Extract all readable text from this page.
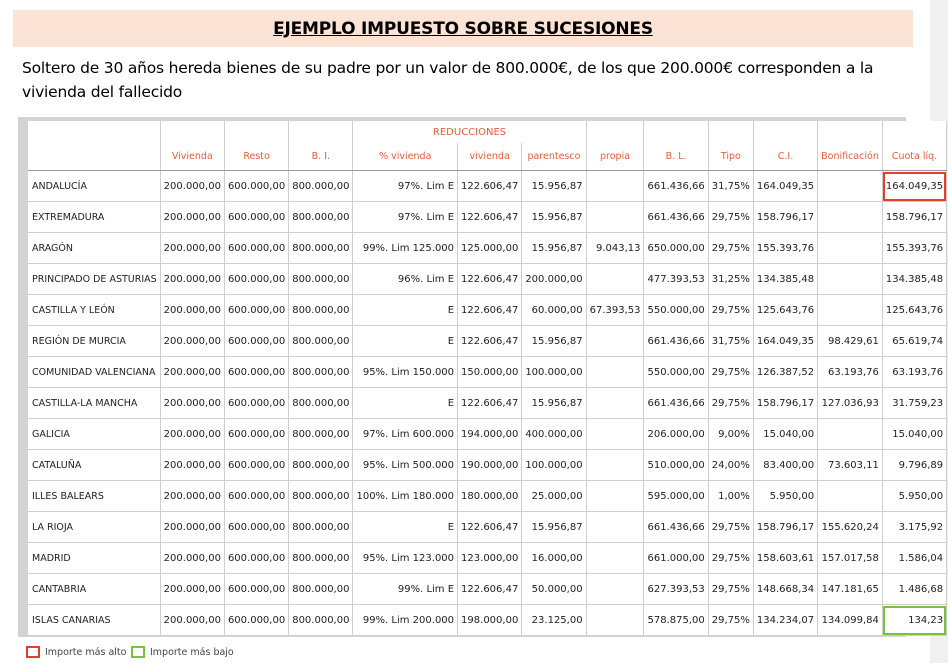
EJEMPLO IMPUESTO SOBRE SUCESIONES
Soltero de 30 años hereda bienes de su padre por un valor de 800.000€, de los que 200.000€ corresponden a la vivienda del fallecido
				REDUCCIONES								
	Vivienda	Resto	B. I.	% vivienda	vivienda	parentesco	propia	B. L.	Tipo	C.I.	Bonificación	Cuota líq.
ANDALUCÍA	200.000,00	600.000,00	800.000,00	97%. Lim E	122.606,47	15.956,87		661.436,66	31,75%	164.049,35		164.049,35
EXTREMADURA	200.000,00	600.000,00	800.000,00	97%. Lim E	122.606,47	15.956,87		661.436,66	29,75%	158.796,17		158.796,17
ARAGÓN	200.000,00	600.000,00	800.000,00	99%. Lim 125.000	125.000,00	15.956,87	9.043,13	650.000,00	29,75%	155.393,76		155.393,76
PRINCIPADO DE ASTURIAS	200.000,00	600.000,00	800.000,00	96%. Lim E	122.606,47	200.000,00		477.393,53	31,25%	134.385,48		134.385,48
CASTILLA Y LEÓN	200.000,00	600.000,00	800.000,00	E	122.606,47	60.000,00	67.393,53	550.000,00	29,75%	125.643,76		125.643,76
REGIÓN DE MURCIA	200.000,00	600.000,00	800.000,00	E	122.606,47	15.956,87		661.436,66	31,75%	164.049,35	98.429,61	65.619,74
COMUNIDAD VALENCIANA	200.000,00	600.000,00	800.000,00	95%. Lim 150.000	150.000,00	100.000,00		550.000,00	29,75%	126.387,52	63.193,76	63.193,76
CASTILLA-LA MANCHA	200.000,00	600.000,00	800.000,00	E	122.606,47	15.956,87		661.436,66	29,75%	158.796,17	127.036,93	31.759,23
GALICIA	200.000,00	600.000,00	800.000,00	97%. Lim 600.000	194.000,00	400.000,00		206.000,00	9,00%	15.040,00		15.040,00
CATALUÑA	200.000,00	600.000,00	800.000,00	95%. Lim 500.000	190.000,00	100.000,00		510.000,00	24,00%	83.400,00	73.603,11	9.796,89
ILLES BALEARS	200.000,00	600.000,00	800.000,00	100%. Lim 180.000	180.000,00	25.000,00		595.000,00	1,00%	5.950,00		5.950,00
LA RIOJA	200.000,00	600.000,00	800.000,00	E	122.606,47	15.956,87		661.436,66	29,75%	158.796,17	155.620,24	3.175,92
MADRID	200.000,00	600.000,00	800.000,00	95%. Lim 123.000	123.000,00	16.000,00		661.000,00	29,75%	158.603,61	157.017,58	1.586,04
CANTABRIA	200.000,00	600.000,00	800.000,00	99%. Lim E	122.606,47	50.000,00		627.393,53	29,75%	148.668,34	147.181,65	1.486,68
ISLAS CANARIAS	200.000,00	600.000,00	800.000,00	99%. Lim 200.000	198.000,00	23.125,00		578.875,00	29,75%	134.234,07	134.099,84	134,23
Importe más alto Importe más bajo
